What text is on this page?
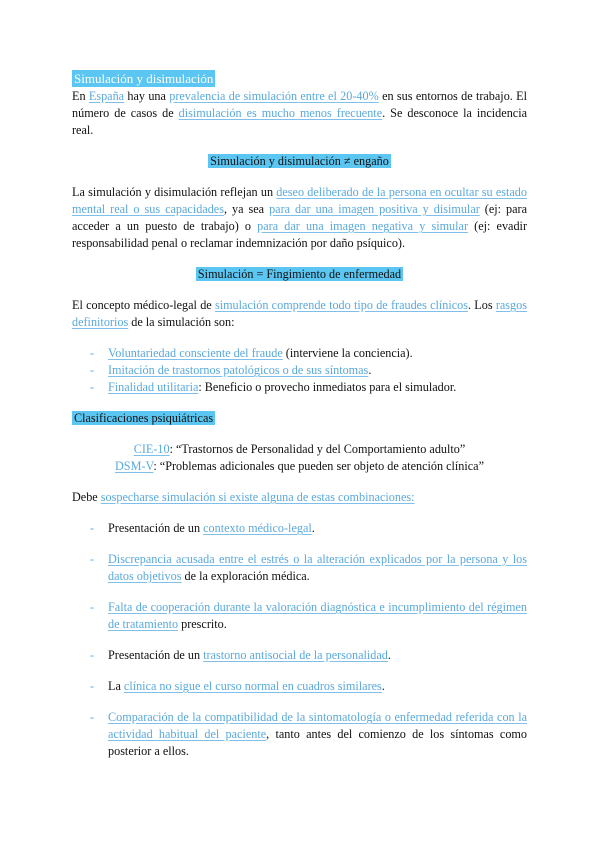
Simulación y disimulación

En España hay una prevalencia de simulación entre el 20-40% en sus entornos de trabajo. El número de casos de disimulación es mucho menos frecuente. Se desconoce la incidencia real.

Simulación y disimulación ≠ engaño

La simulación y disimulación reflejan un deseo deliberado de la persona en ocultar su estado mental real o sus capacidades, ya sea para dar una imagen positiva y disimular (ej: para acceder a un puesto de trabajo) o para dar una imagen negativa y simular (ej: evadir responsabilidad penal o reclamar indemnización por daño psíquico).

Simulación = Fingimiento de enfermedad

El concepto médico-legal de simulación comprende todo tipo de fraudes clínicos. Los rasgos definitorios de la simulación son:

- Voluntariedad consciente del fraude (interviene la conciencia).
- Imitación de trastornos patológicos o de sus síntomas.
- Finalidad utilitaria: Beneficio o provecho inmediatos para el simulador.

Clasificaciones psiquiátricas

CIE-10: “Trastornos de Personalidad y del Comportamiento adulto”

DSM-V: “Problemas adicionales que pueden ser objeto de atención clínica”

Debe sospecharse simulación si existe alguna de estas combinaciones:

- Presentación de un contexto médico-legal.
- Discrepancia acusada entre el estrés o la alteración explicados por la persona y los datos objetivos de la exploración médica.
- Falta de cooperación durante la valoración diagnóstica e incumplimiento del régimen de tratamiento prescrito.
- Presentación de un trastorno antisocial de la personalidad.
- La clínica no sigue el curso normal en cuadros similares.
- Comparación de la compatibilidad de la sintomatología o enfermedad referida con la actividad habitual del paciente, tanto antes del comienzo de los síntomas como posterior a ellos.
